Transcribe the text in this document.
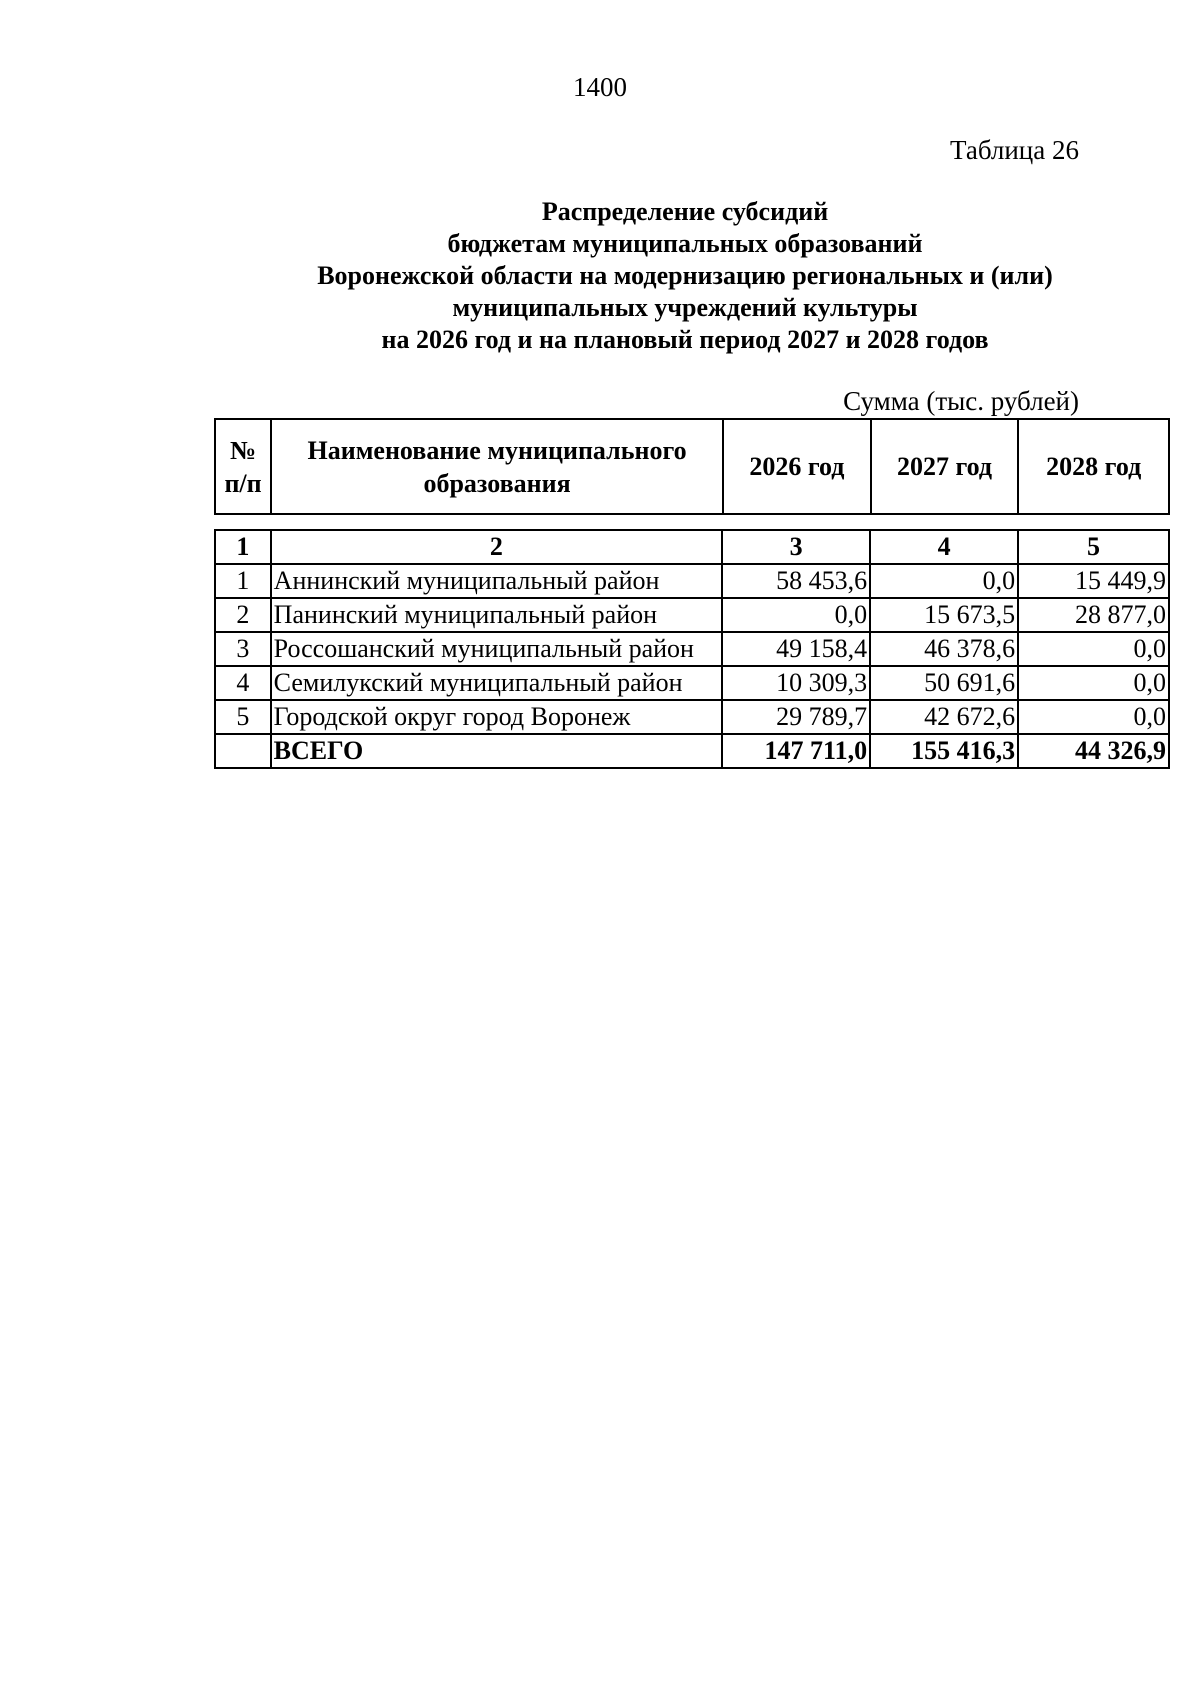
1400
Таблица 26
Распределение субсидий
бюджетам муниципальных образований
Воронежской области на модернизацию региональных и (или)
муниципальных учреждений культуры
на 2026 год и на плановый период 2027 и 2028 годов
Сумма (тыс. рублей)
№ п/п	Наименование муниципального образования	2026 год	2027 год	2028 год
1	2	3	4	5
1	Аннинский муниципальный район	58 453,6	0,0	15 449,9
2	Панинский муниципальный район	0,0	15 673,5	28 877,0
3	Россошанский муниципальный район	49 158,4	46 378,6	0,0
4	Семилукский муниципальный район	10 309,3	50 691,6	0,0
5	Городской округ город Воронеж	29 789,7	42 672,6	0,0
	ВСЕГО	147 711,0	155 416,3	44 326,9
